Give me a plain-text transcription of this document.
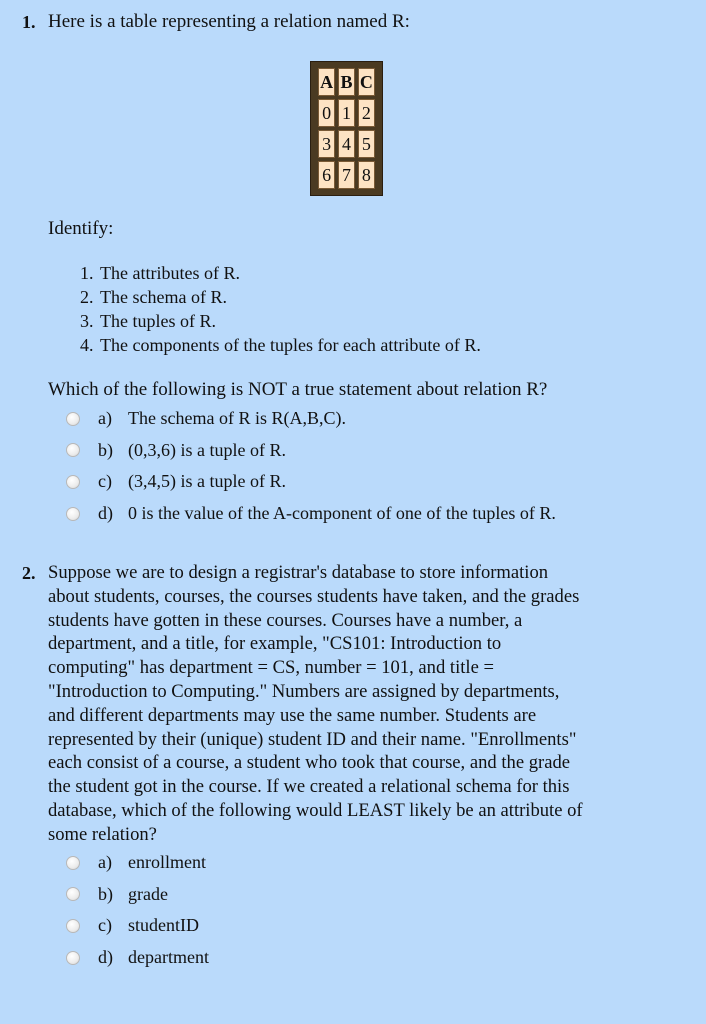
1. Here is a table representing a relation named R:
A	B	C
0	1	2
3	4	5
6	7	8
Identify:
1. The attributes of R.
2. The schema of R.
3. The tuples of R.
4. The components of the tuples for each attribute of R.
Which of the following is NOT a true statement about relation R?
a) The schema of R is R(A,B,C).
b) (0,3,6) is a tuple of R.
c) (3,4,5) is a tuple of R.
d) 0 is the value of the A-component of one of the tuples of R.
2. Suppose we are to design a registrar's database to store information
about students, courses, the courses students have taken, and the grades
students have gotten in these courses. Courses have a number, a
department, and a title, for example, "CS101: Introduction to
computing" has department = CS, number = 101, and title =
"Introduction to Computing." Numbers are assigned by departments,
and different departments may use the same number. Students are
represented by their (unique) student ID and their name. "Enrollments"
each consist of a course, a student who took that course, and the grade
the student got in the course. If we created a relational schema for this
database, which of the following would LEAST likely be an attribute of
some relation?
a) enrollment
b) grade
c) studentID
d) department
